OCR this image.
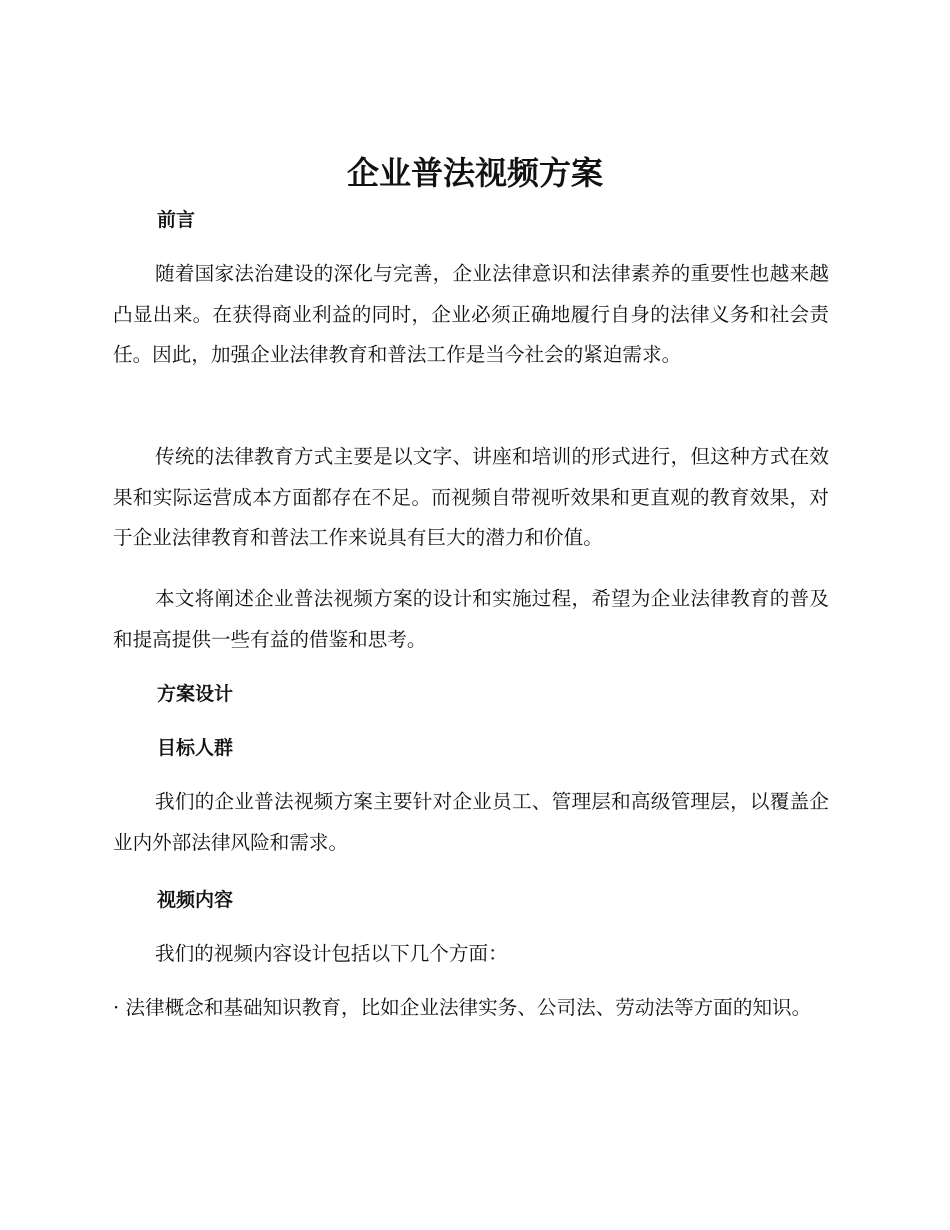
企业普法视频方案
前言

随着国家法治建设的深化与完善，企业法律意识和法律素养的重要性也越来越凸显出来。在获得商业利益的同时，企业必须正确地履行自身的法律义务和社会责任。因此，加强企业法律教育和普法工作是当今社会的紧迫需求。

传统的法律教育方式主要是以文字、讲座和培训的形式进行，但这种方式在效果和实际运营成本方面都存在不足。而视频自带视听效果和更直观的教育效果，对于企业法律教育和普法工作来说具有巨大的潜力和价值。

本文将阐述企业普法视频方案的设计和实施过程，希望为企业法律教育的普及和提高提供一些有益的借鉴和思考。

方案设计
目标人群

我们的企业普法视频方案主要针对企业员工、管理层和高级管理层，以覆盖企业内外部法律风险和需求。

视频内容

我们的视频内容设计包括以下几个方面：

· 法律概念和基础知识教育，比如企业法律实务、公司法、劳动法等方面的知识。
